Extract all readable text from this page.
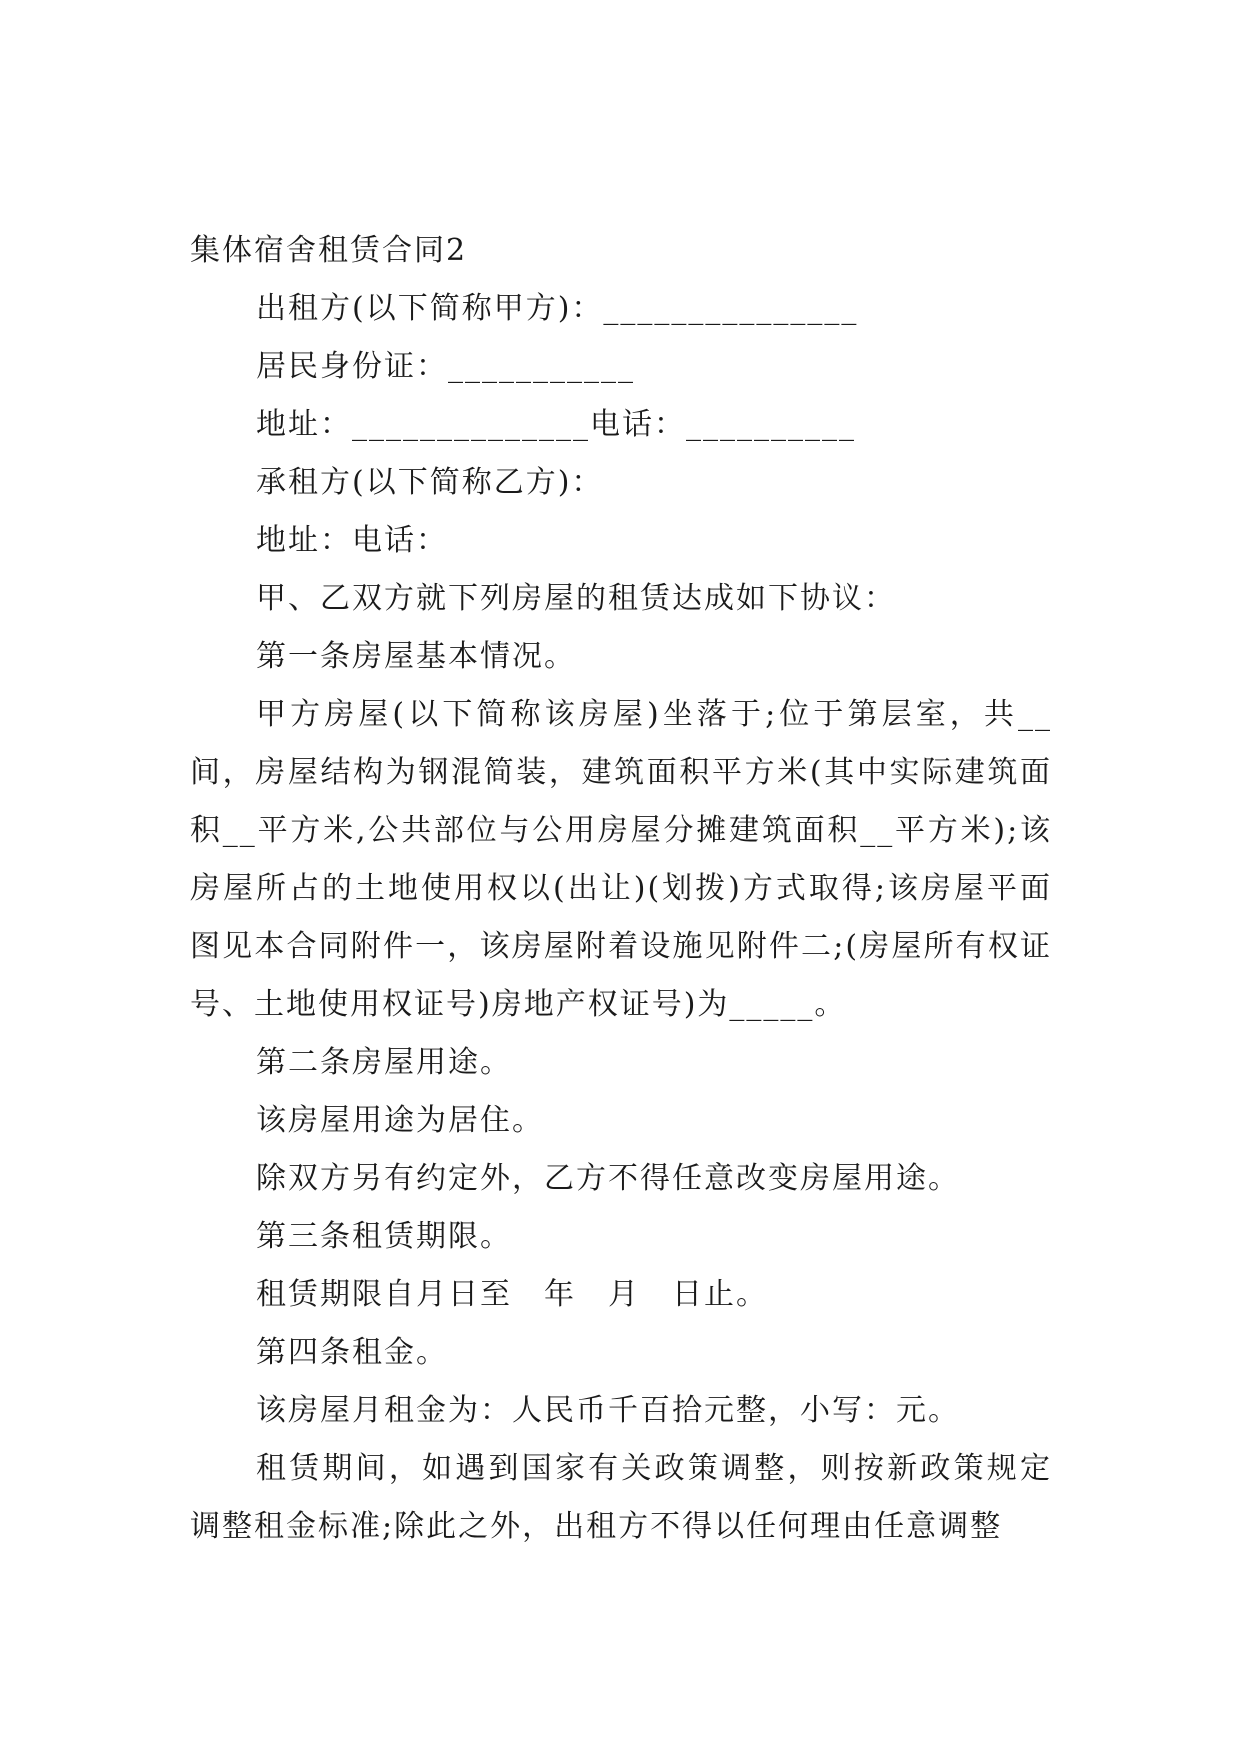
集体宿舍租赁合同2

出租方(以下简称甲方)：_______________

居民身份证：___________

地址：______________电话：__________

承租方(以下简称乙方)：

地址：电话：

甲、乙双方就下列房屋的租赁达成如下协议：

第一条房屋基本情况。

甲方房屋(以下简称该房屋)坐落于;位于第层室，共__间，房屋结构为钢混简装，建筑面积平方米(其中实际建筑面积__平方米,公共部位与公用房屋分摊建筑面积__平方米);该房屋所占的土地使用权以(出让)(划拨)方式取得;该房屋平面图见本合同附件一，该房屋附着设施见附件二;(房屋所有权证号、土地使用权证号)房地产权证号)为_____。

第二条房屋用途。

该房屋用途为居住。

除双方另有约定外，乙方不得任意改变房屋用途。

第三条租赁期限。

租赁期限自月日至　年　月　日止。

第四条租金。

该房屋月租金为：人民币千百拾元整，小写：元。

租赁期间，如遇到国家有关政策调整，则按新政策规定调整租金标准;除此之外，出租方不得以任何理由任意调整
